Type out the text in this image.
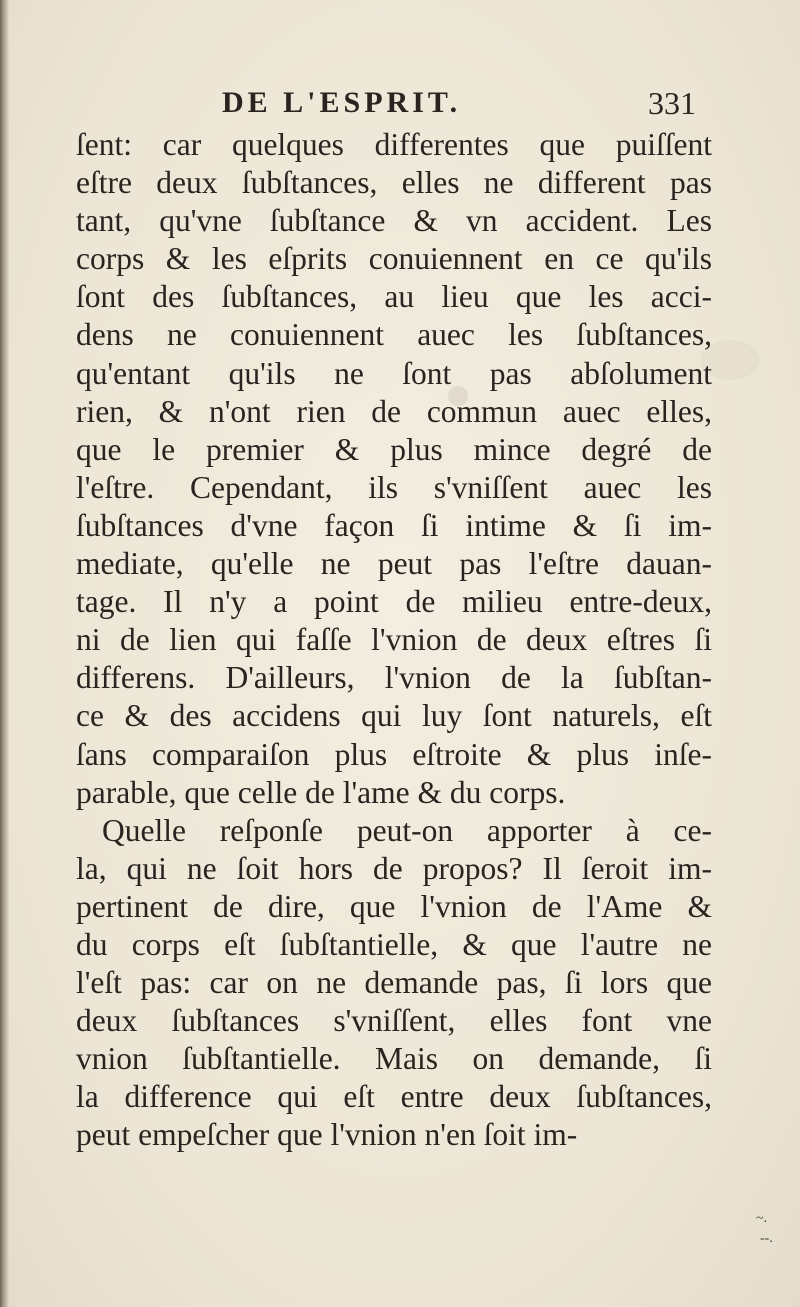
DE L'ESPRIT.	331
ſent: car quelques differentes que puiſſent
eſtre deux ſubſtances, elles ne different pas
tant, qu'vne ſubſtance & vn accident. Les
corps & les eſprits conuiennent en ce qu'ils
ſont des ſubſtances, au lieu que les acci-
dens ne conuiennent auec les ſubſtances,
qu'entant qu'ils ne ſont pas abſolument
rien, & n'ont rien de commun auec elles,
que le premier & plus mince degré de
l'eſtre. Cependant, ils s'vniſſent auec les
ſubſtances d'vne façon ſi intime & ſi im-
mediate, qu'elle ne peut pas l'eſtre dauan-
tage. Il n'y a point de milieu entre-deux,
ni de lien qui faſſe l'vnion de deux eſtres ſi
differens. D'ailleurs, l'vnion de la ſubſtan-
ce & des accidens qui luy ſont naturels, eſt
ſans comparaiſon plus eſtroite & plus inſe-
parable, que celle de l'ame & du corps.
Quelle reſponſe peut-on apporter à ce-
la, qui ne ſoit hors de propos? Il ſeroit im-
pertinent de dire, que l'vnion de l'Ame &
du corps eſt ſubſtantielle, & que l'autre ne
l'eſt pas: car on ne demande pas, ſi lors que
deux ſubſtances s'vniſſent, elles font vne
vnion ſubſtantielle. Mais on demande, ſi
la difference qui eſt entre deux ſubſtances,
peut empeſcher que l'vnion n'en ſoit im-
~.
--.
